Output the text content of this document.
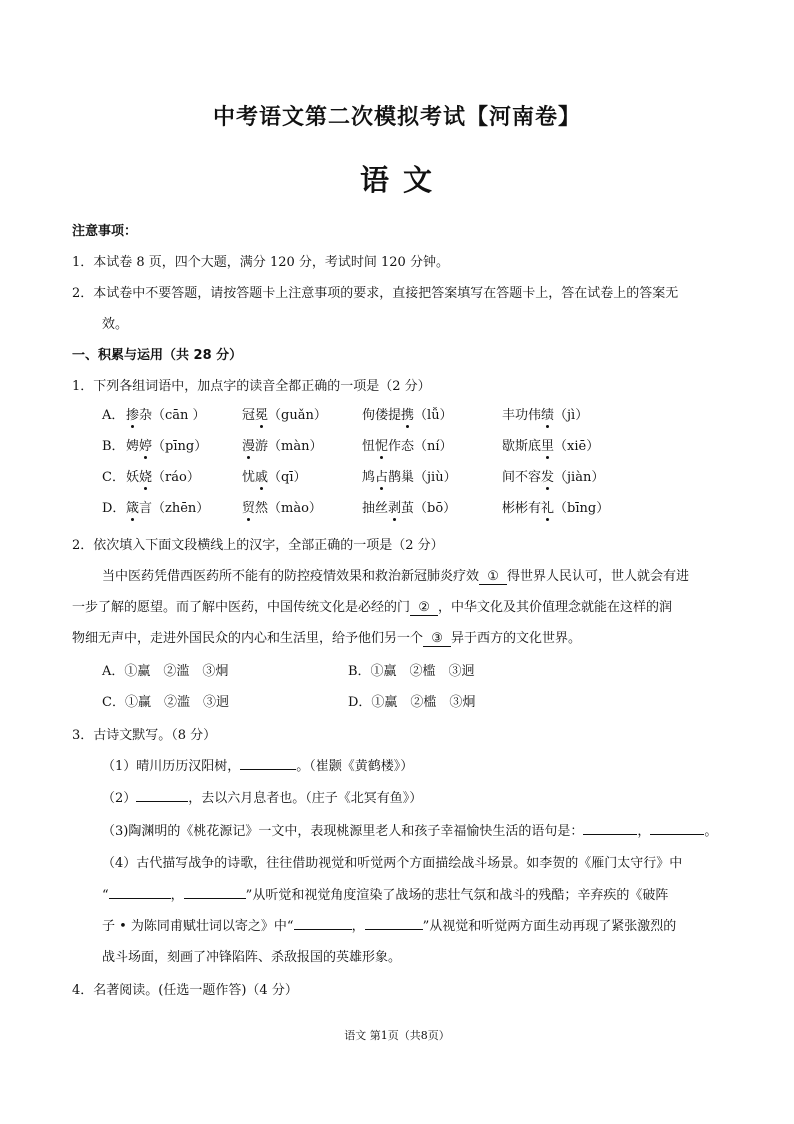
中考语文第二次模拟考试【河南卷】
语 文
注意事项：
1．本试卷 8 页，四个大题，满分 120 分，考试时间 120 分钟。
2．本试卷中不要答题，请按答题卡上注意事项的要求，直接把答案填写在答题卡上，答在试卷上的答案无
效。
一、积累与运用（共 28 分）
1．下列各组词语中，加点字的读音全都正确的一项是（2 分）
A． 掺杂（cān ）	冠冕（guǎn）	佝偻提携（lǚ）	丰功伟绩（jì）
B． 娉婷（pīng）	漫游（màn）	忸怩作态（ní）	歇斯底里（xiē）
C． 妖娆（ráo）	忧戚（qī）	鸠占鹊巢（jiù）	间不容发（jiàn）
D． 箴言（zhēn）	贸然（mào）	抽丝剥茧（bō）	彬彬有礼（bīng）
2．依次填入下面文段横线上的汉字，全部正确的一项是（2 分）
当中医药凭借西医药所不能有的防控疫情效果和救治新冠肺炎疗效 ① 得世界人民认可，世人就会有进
一步了解的愿望。而了解中医药，中国传统文化是必经的门 ② ，中华文化及其价值理念就能在这样的润
物细无声中，走进外国民众的内心和生活里，给予他们另一个 ③ 异于西方的文化世界。
A．①赢　②滥　③炯	B．①赢　②槛　③迥
C．①赢　②滥　③迥	D．①赢　②槛　③炯
3．古诗文默写。（8 分）
（1）晴川历历汉阳树，	。（崔颢《黄鹤楼》）
（2）	，去以六月息者也。（庄子《北冥有鱼》）
（3)陶渊明的《桃花源记》一文中，表现桃源里老人和孩子幸福愉快生活的语句是：	，	。
（4）古代描写战争的诗歌，往往借助视觉和听觉两个方面描绘战斗场景。如李贺的《雁门太守行》中
“	，	”从听觉和视觉角度渲染了战场的悲壮气氛和战斗的残酷；辛弃疾的《破阵
子 • 为陈同甫赋壮词以寄之》中“	，	”从视觉和听觉两方面生动再现了紧张激烈的
战斗场面，刻画了冲锋陷阵、杀敌报国的英雄形象。
4．名著阅读。(任选一题作答)（4 分）
语文 第1页（共8页）
